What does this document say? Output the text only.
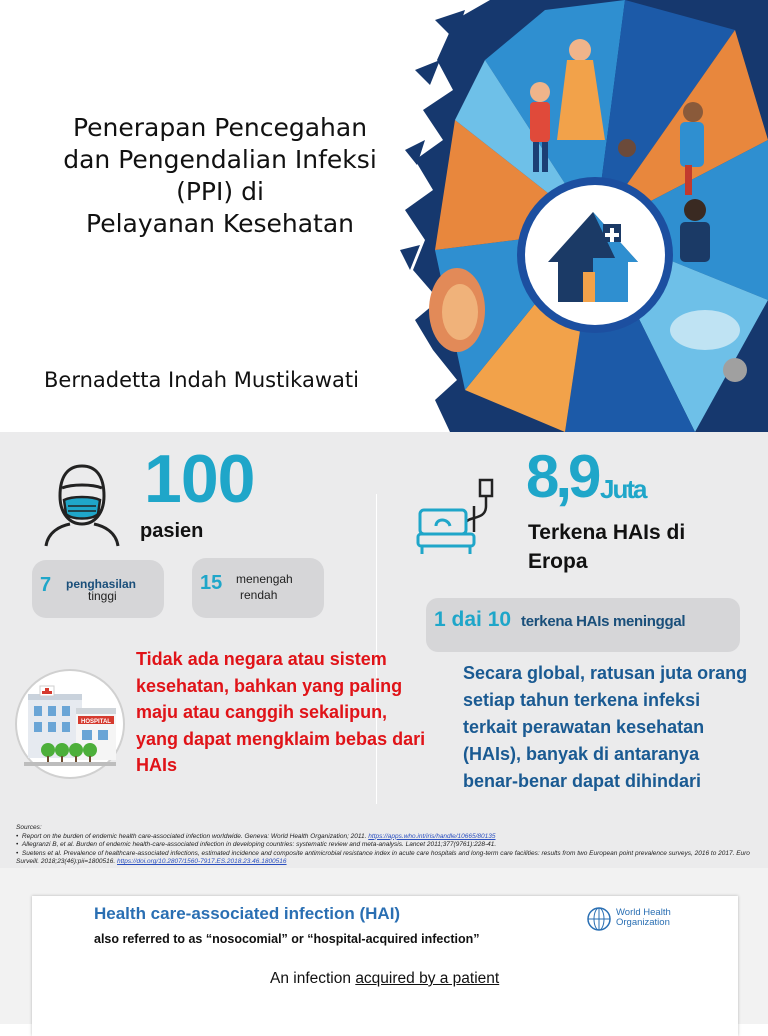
Penerapan Pencegahan
dan Pengendalian Infeksi
(PPI) di
Pelayanan Kesehatan
Bernadetta Indah Mustikawati
100
pasien
7 penghasilan
tinggi
15 menengah
rendah
8,9 Juta
Terkena HAIs di Eropa
1 dai 10 terkena HAIs meninggal
HOSPITAL
Tidak ada negara atau sistem kesehatan, bahkan yang paling maju atau canggih sekalipun, yang dapat mengklaim bebas dari HAIs
Secara global, ratusan juta orang setiap tahun terkena infeksi terkait perawatan kesehatan (HAIs), banyak di antaranya benar-benar dapat dihindari
Sources:
•  Report on the burden of endemic health care-associated infection worldwide. Geneva: World Health Organization; 2011. https://apps.who.int/iris/handle/10665/80135
•  Allegranzi B, et al. Burden of endemic health-care-associated infection in developing countries: systematic review and meta-analysis. Lancet 2011;377(9761):228-41.
•  Suetens et al. Prevalence of healthcare-associated infections, estimated incidence and composite antimicrobial resistance index in acute care hospitals and long-term care facilities: results from two European point prevalence surveys, 2016 to 2017. Euro Surveill. 2018;23(46):pii=1800516. https://doi.org/10.2807/1560-7917.ES.2018.23.46.1800516
Health care-associated infection (HAI)
also referred to as “nosocomial” or “hospital-acquired infection”
World Health
Organization
An infection acquired by a patient
